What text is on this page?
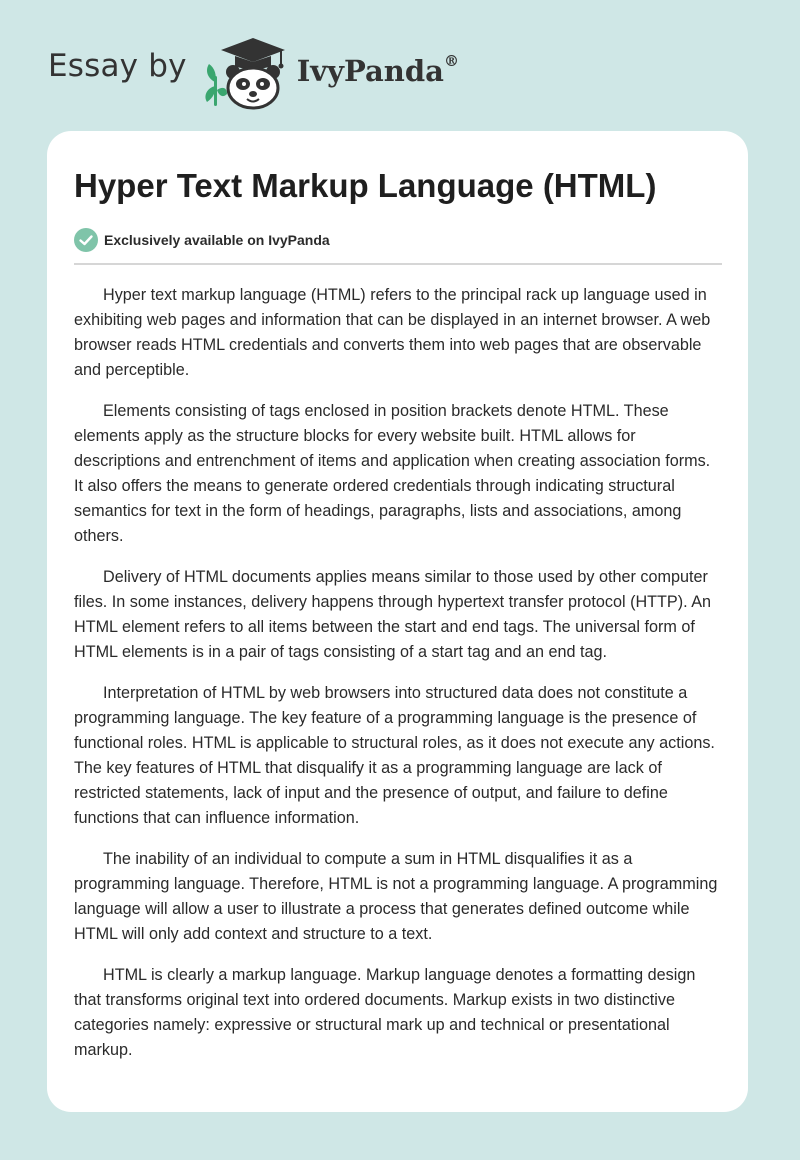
Essay by	IvyPanda®
Hyper Text Markup Language (HTML)
Exclusively available on IvyPanda

Hyper text markup language (HTML) refers to the principal rack up language used in exhibiting web pages and information that can be displayed in an internet browser. A web browser reads HTML credentials and converts them into web pages that are observable and perceptible.

Elements consisting of tags enclosed in position brackets denote HTML. These elements apply as the structure blocks for every website built. HTML allows for descriptions and entrenchment of items and application when creating association forms. It also offers the means to generate ordered credentials through indicating structural semantics for text in the form of headings, paragraphs, lists and associations, among others.

Delivery of HTML documents applies means similar to those used by other computer files. In some instances, delivery happens through hypertext transfer protocol (HTTP). An HTML element refers to all items between the start and end tags. The universal form of HTML elements is in a pair of tags consisting of a start tag and an end tag.

Interpretation of HTML by web browsers into structured data does not constitute a programming language. The key feature of a programming language is the presence of functional roles. HTML is applicable to structural roles, as it does not execute any actions. The key features of HTML that disqualify it as a programming language are lack of restricted statements, lack of input and the presence of output, and failure to define functions that can influence information.

The inability of an individual to compute a sum in HTML disqualifies it as a programming language. Therefore, HTML is not a programming language. A programming language will allow a user to illustrate a process that generates defined outcome while HTML will only add context and structure to a text.

HTML is clearly a markup language. Markup language denotes a formatting design that transforms original text into ordered documents. Markup exists in two distinctive categories namely: expressive or structural mark up and technical or presentational markup.
